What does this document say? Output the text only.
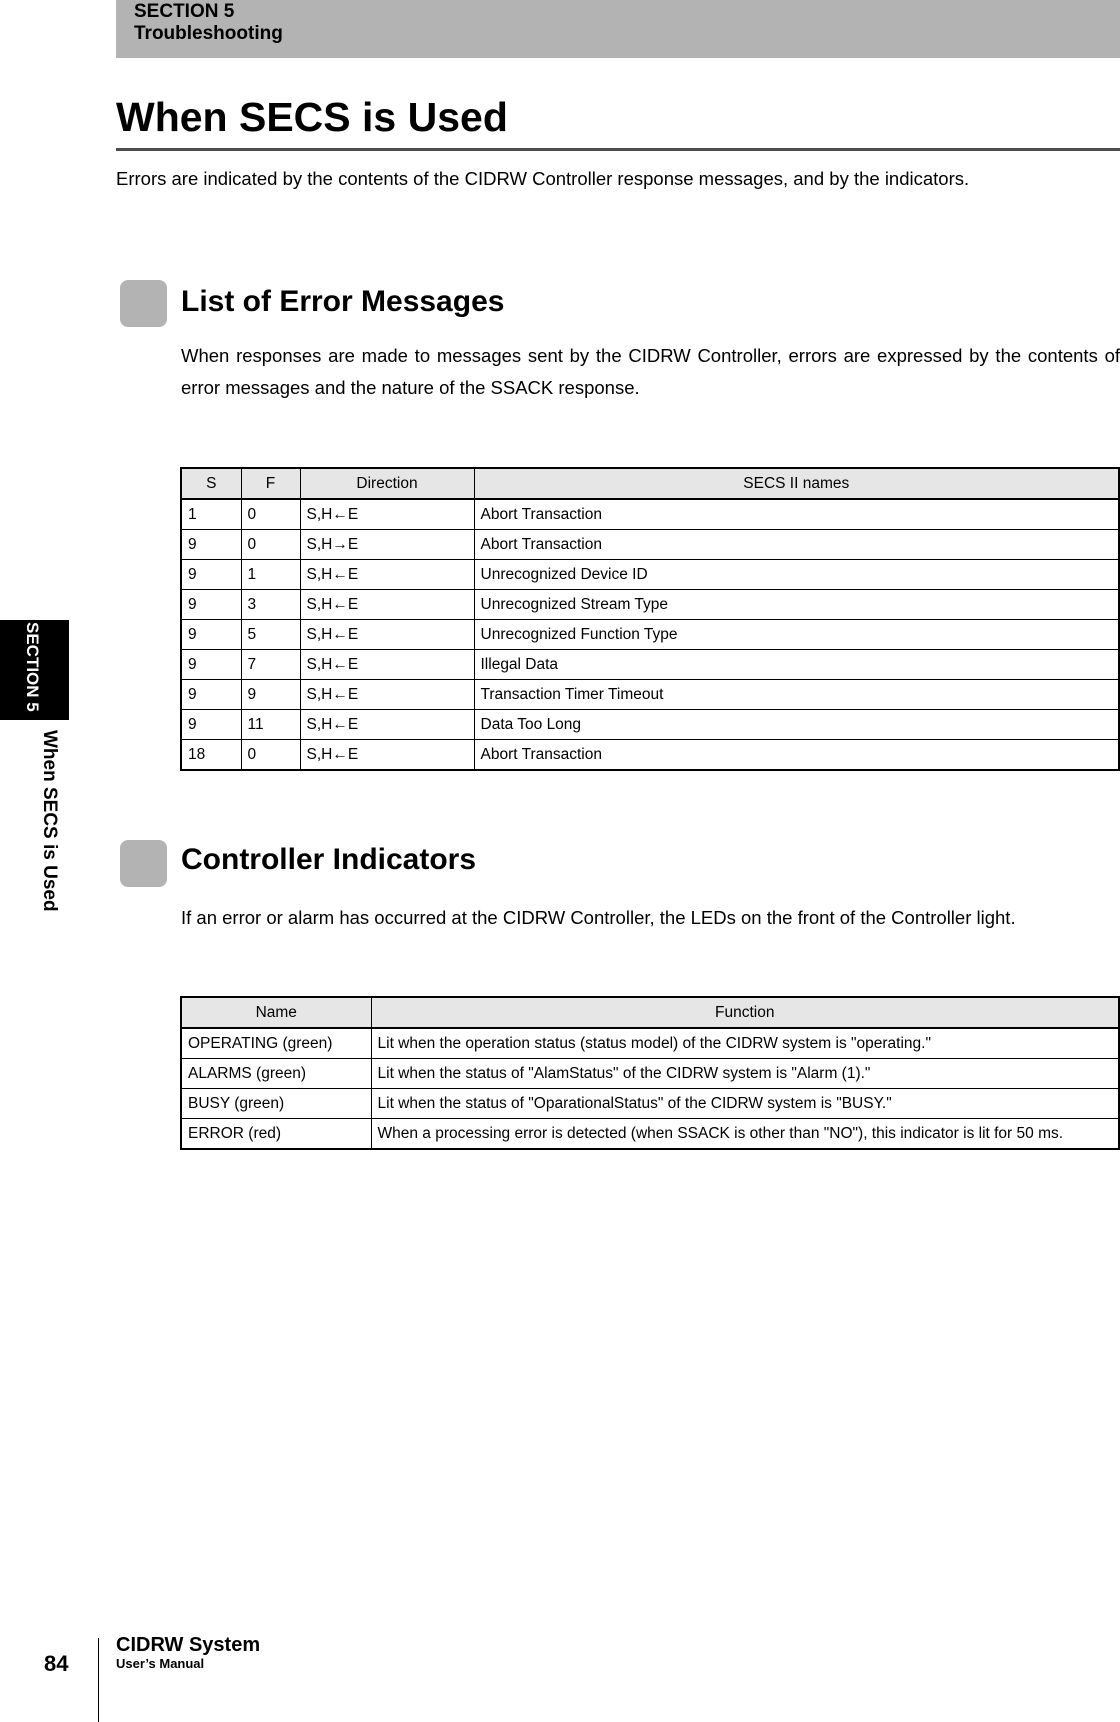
SECTION 5
Troubleshooting
When SECS is Used

Errors are indicated by the contents of the CIDRW Controller response messages, and by the indicators.

List of Error Messages

When responses are made to messages sent by the CIDRW Controller, errors are expressed by the contents of error messages and the nature of the SSACK response.

S	F	Direction	SECS II names
1	0	S,H←E	Abort Transaction
9	0	S,H→E	Abort Transaction
9	1	S,H←E	Unrecognized Device ID
9	3	S,H←E	Unrecognized Stream Type
9	5	S,H←E	Unrecognized Function Type
9	7	S,H←E	Illegal Data
9	9	S,H←E	Transaction Timer Timeout
9	11	S,H←E	Data Too Long
18	0	S,H←E	Abort Transaction
Controller Indicators

If an error or alarm has occurred at the CIDRW Controller, the LEDs on the front of the Controller light.

Name	Function
OPERATING (green)	Lit when the operation status (status model) of the CIDRW system is "operating."
ALARMS (green)	Lit when the status of "AlamStatus" of the CIDRW system is "Alarm (1)."
BUSY (green)	Lit when the status of "OparationalStatus" of the CIDRW system is "BUSY."
ERROR (red)	When a processing error is detected (when SSACK is other than "NO"), this indicator is lit for 50 ms.
SECTION 5
When SECS is Used
84
CIDRW System
User’s Manual
